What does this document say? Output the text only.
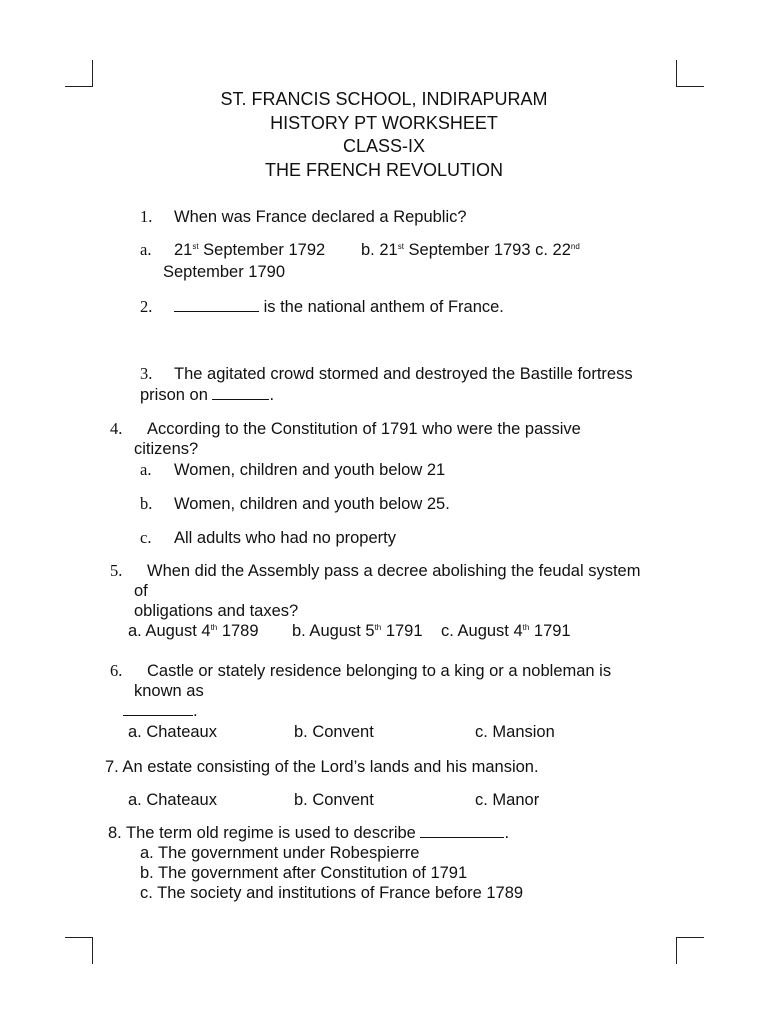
ST. FRANCIS SCHOOL, INDIRAPURAM
HISTORY PT WORKSHEET
CLASS-IX
THE FRENCH REVOLUTION
1. When was France declared a Republic?
a. 21st September 1792 b. 21st September 1793 c. 22nd
September 1790
2.	is the national anthem of France.
3. The agitated crowd stormed and destroyed the Bastille fortress
prison on	.
4. According to the Constitution of 1791 who were the passive
citizens?
a. Women, children and youth below 21
b. Women, children and youth below 25.
c. All adults who had no property
5. When did the Assembly pass a decree abolishing the feudal system
of
obligations and taxes?
a. August 4th 1789 b. August 5th 1791 c. August 4th 1791
6. Castle or stately residence belonging to a king or a nobleman is
known as
.
a. Chateaux	b. Convent	c. Mansion
7. An estate consisting of the Lord’s lands and his mansion.
a. Chateaux	b. Convent	c. Manor
8. The term old regime is used to describe	.
a. The government under Robespierre
b. The government after Constitution of 1791
c. The society and institutions of France before 1789
